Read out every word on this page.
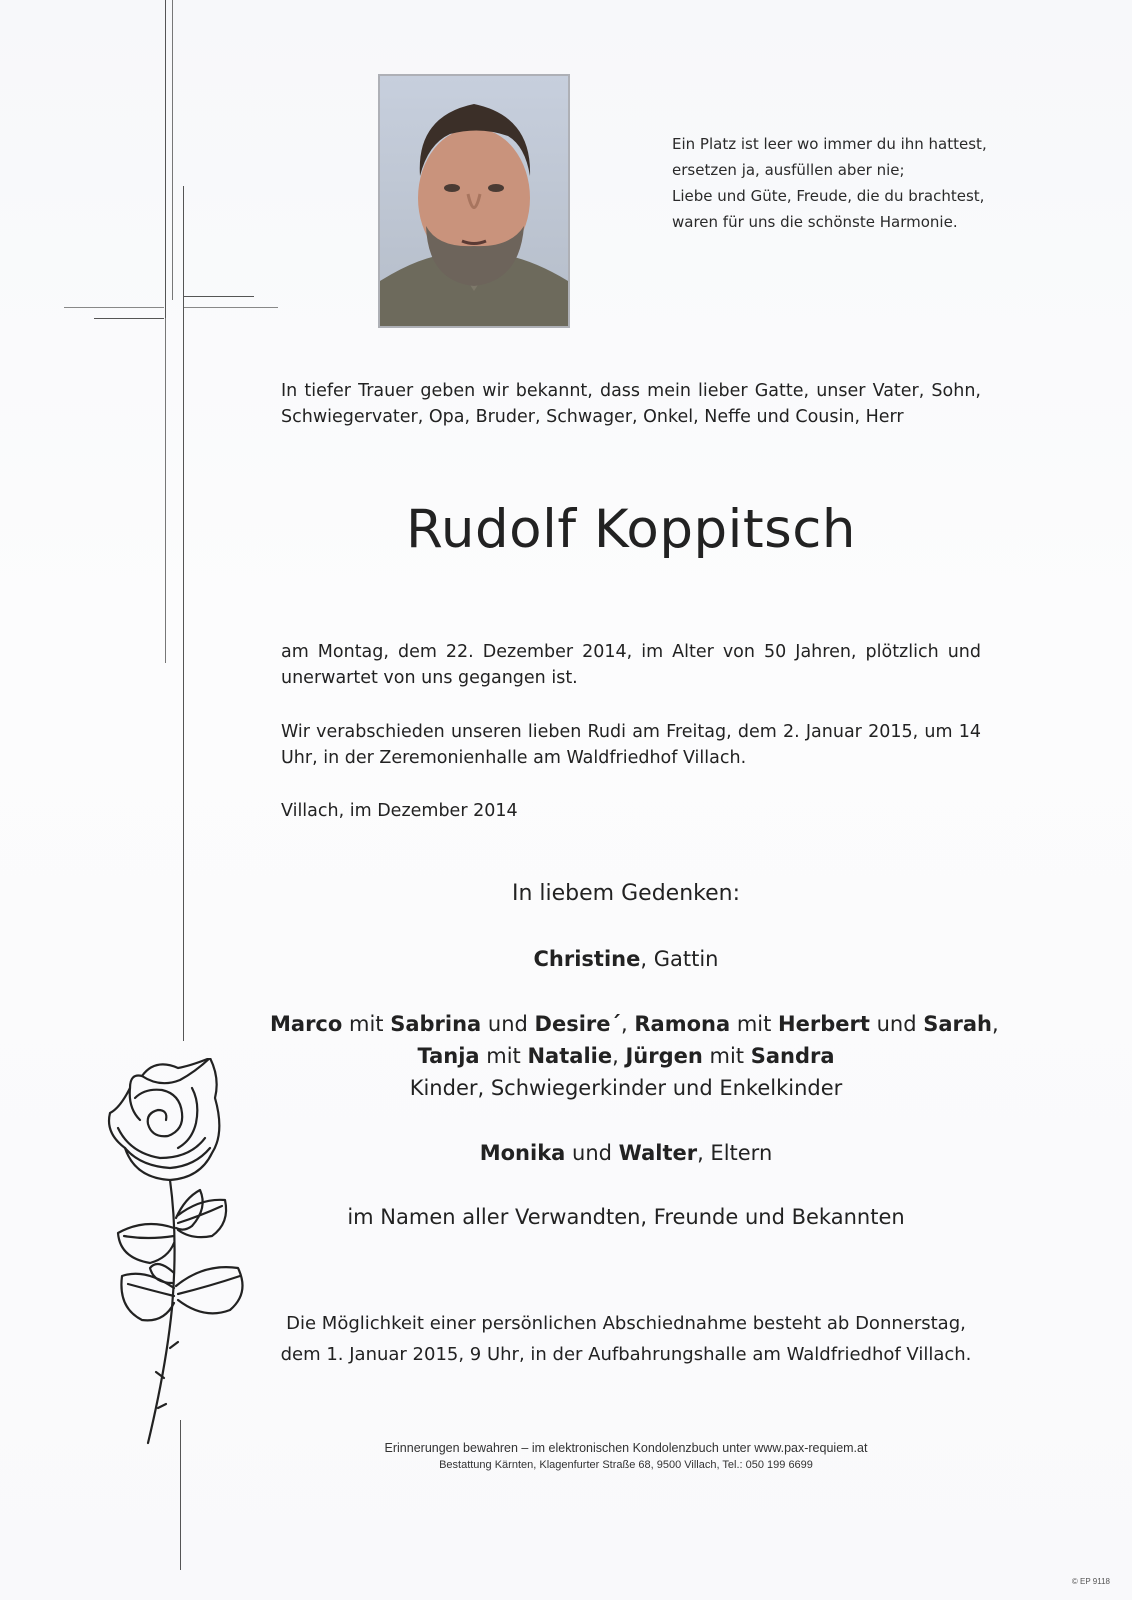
Ein Platz ist leer wo immer du ihn hattest,
ersetzen ja, ausfüllen aber nie;
Liebe und Güte, Freude, die du brachtest,
waren für uns die schönste Harmonie.
In tiefer Trauer geben wir bekannt, dass mein lieber Gatte, unser Vater, Sohn, Schwiegervater, Opa, Bruder, Schwager, Onkel, Neffe und Cousin, Herr
Rudolf Koppitsch
am Montag, dem 22. Dezember 2014, im Alter von 50 Jahren, plötzlich und unerwartet von uns gegangen ist.
Wir verabschieden unseren lieben Rudi am Freitag, dem 2. Januar 2015, um 14 Uhr, in der Zeremonienhalle am Waldfriedhof Villach.
Villach, im Dezember 2014
In liebem Gedenken:
Christine, Gattin
Marco mit Sabrina und Desire´, Ramona mit Herbert und Sarah,
Tanja mit Natalie, Jürgen mit Sandra
Kinder, Schwiegerkinder und Enkelkinder
Monika und Walter, Eltern
im Namen aller Verwandten, Freunde und Bekannten
Die Möglichkeit einer persönlichen Abschiednahme besteht ab Donnerstag,
dem 1. Januar 2015, 9 Uhr, in der Aufbahrungshalle am Waldfriedhof Villach.
Erinnerungen bewahren – im elektronischen Kondolenzbuch unter www.pax-requiem.at
Bestattung Kärnten, Klagenfurter Straße 68, 9500 Villach, Tel.: 050 199 6699
© EP 9118
